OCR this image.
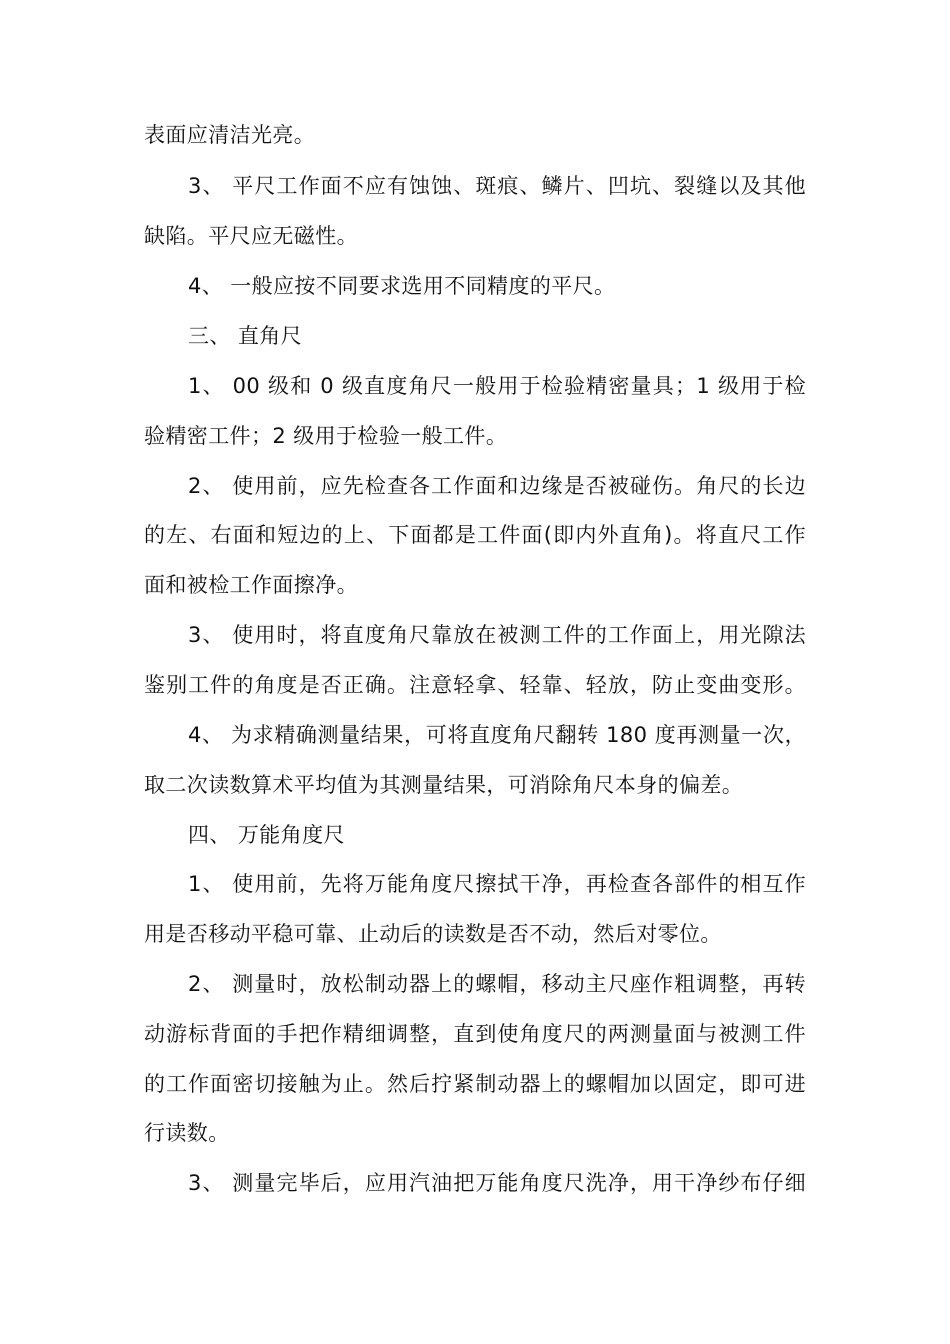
表面应清洁光亮。
3、 平尺工作面不应有蚀蚀、斑痕、鳞片、凹坑、裂缝以及其他
缺陷。平尺应无磁性。
4、 一般应按不同要求选用不同精度的平尺。
三、 直角尺
1、 00 级和 0 级直度角尺一般用于检验精密量具；1 级用于检
验精密工件；2 级用于检验一般工件。
2、 使用前，应先检查各工作面和边缘是否被碰伤。角尺的长边
的左、右面和短边的上、下面都是工件面(即内外直角)。将直尺工作
面和被检工作面擦净。
3、 使用时，将直度角尺靠放在被测工件的工作面上，用光隙法
鉴别工件的角度是否正确。注意轻拿、轻靠、轻放，防止变曲变形。
4、 为求精确测量结果，可将直度角尺翻转 180 度再测量一次，
取二次读数算术平均值为其测量结果，可消除角尺本身的偏差。
四、 万能角度尺
1、 使用前，先将万能角度尺擦拭干净，再检查各部件的相互作
用是否移动平稳可靠、止动后的读数是否不动，然后对零位。
2、 测量时，放松制动器上的螺帽，移动主尺座作粗调整，再转
动游标背面的手把作精细调整，直到使角度尺的两测量面与被测工件
的工作面密切接触为止。然后拧紧制动器上的螺帽加以固定，即可进
行读数。
3、 测量完毕后，应用汽油把万能角度尺洗净，用干净纱布仔细
